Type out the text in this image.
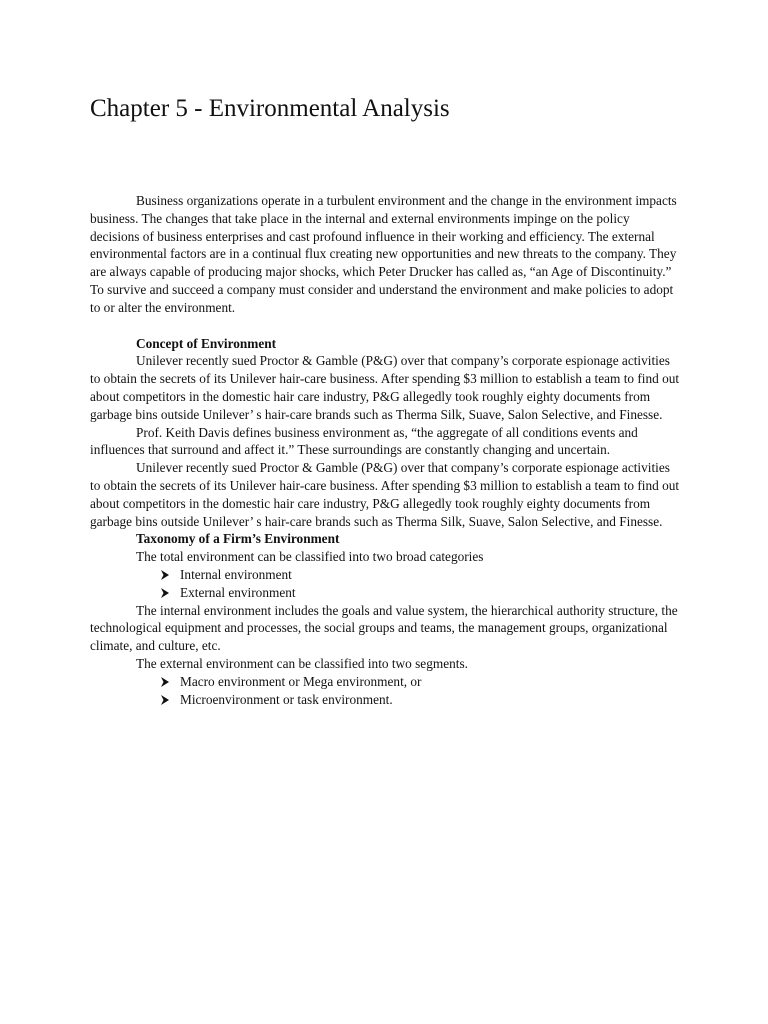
Chapter 5 - Environmental Analysis

Business organizations operate in a turbulent environment and the change in the environment impacts business. The changes that take place in the internal and external environments impinge on the policy decisions of business enterprises and cast profound influence in their working and efficiency. The external environmental factors are in a continual flux creating new opportunities and new threats to the company. They are always capable of producing major shocks, which Peter Drucker has called as, “an Age of Discontinuity.” To survive and succeed a company must consider and understand the environment and make policies to adopt to or alter the environment.

Concept of Environment

Unilever recently sued Proctor & Gamble (P&G) over that company’s corporate espionage activities to obtain the secrets of its Unilever hair-care business. After spending $3 million to establish a team to find out about competitors in the domestic hair care industry, P&G allegedly took roughly eighty documents from garbage bins outside Unilever’ s hair-care brands such as Therma Silk, Suave, Salon Selective, and Finesse.

Prof. Keith Davis defines business environment as, “the aggregate of all conditions events and influences that surround and affect it.” These surroundings are constantly changing and uncertain.

Unilever recently sued Proctor & Gamble (P&G) over that company’s corporate espionage activities to obtain the secrets of its Unilever hair-care business. After spending $3 million to establish a team to find out about competitors in the domestic hair care industry, P&G allegedly took roughly eighty documents from garbage bins outside Unilever’ s hair-care brands such as Therma Silk, Suave, Salon Selective, and Finesse.

Taxonomy of a Firm’s Environment

The total environment can be classified into two broad categories

Internal environment
External environment

The internal environment includes the goals and value system, the hierarchical authority structure, the technological equipment and processes, the social groups and teams, the management groups, organizational climate, and culture, etc.

The external environment can be classified into two segments.

Macro environment or Mega environment, or
Microenvironment or task environment.
